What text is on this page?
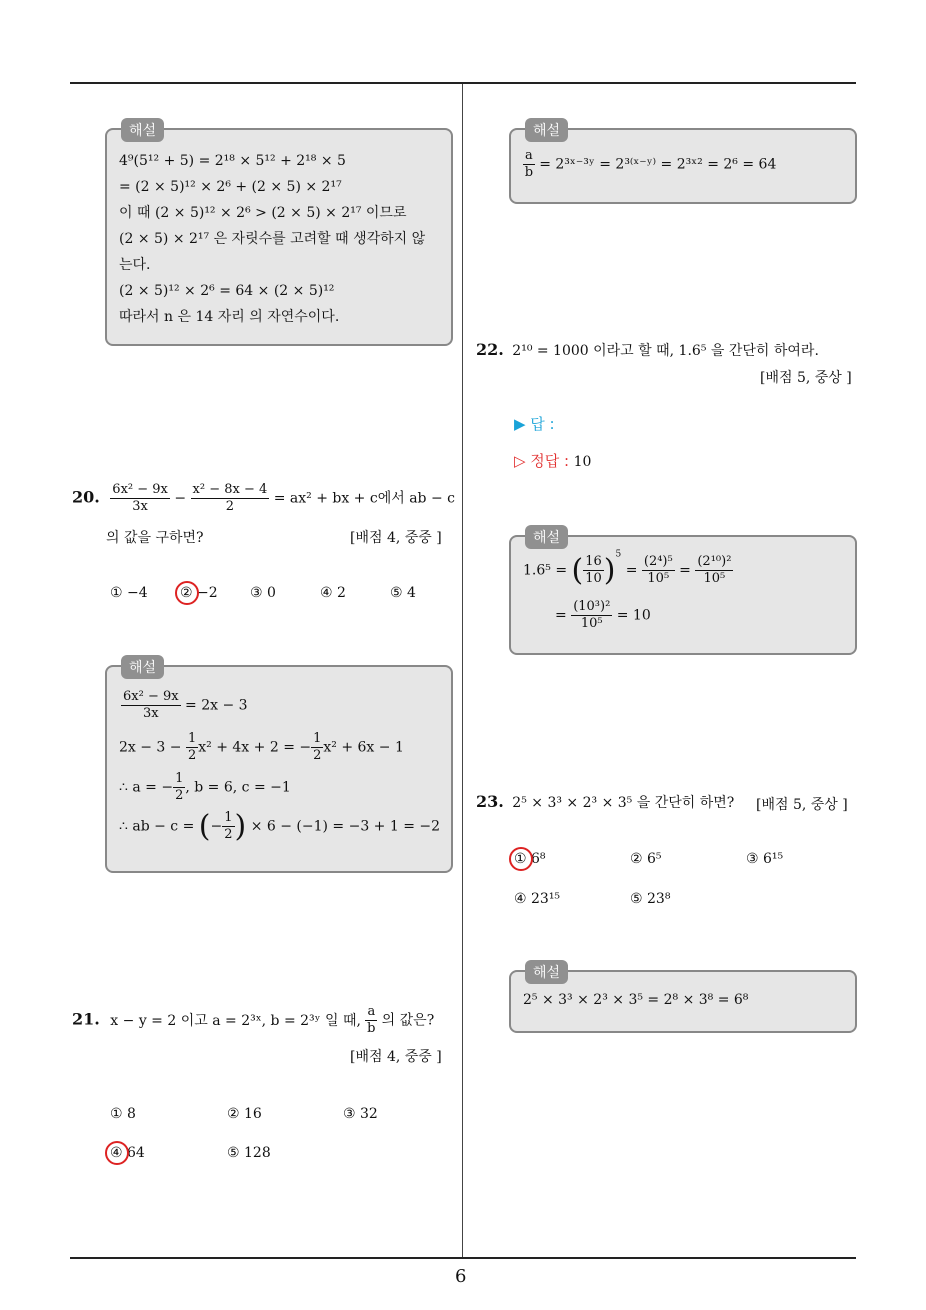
6
해설
4⁹(5¹² + 5) = 2¹⁸ × 5¹² + 2¹⁸ × 5
= (2 × 5)¹² × 2⁶ + (2 × 5) × 2¹⁷
이 때 (2 × 5)¹² × 2⁶ > (2 × 5) × 2¹⁷ 이므로
(2 × 5) × 2¹⁷ 은 자릿수를 고려할 때 생각하지 않
는다.
(2 × 5)¹² × 2⁶ = 64 × (2 × 5)¹²
따라서 n 은 14 자리 의 자연수이다.
20. $\frac{\text{6x² − 9x}}{3x} - \frac{\text{x² − 8x − 4}}{2} = ax^2$ + bx + c에서 ab − c
의 값을 구하면?	[배점 4, 중중 ]
① −4 ② −2 ③ 0	④ 2	⑤ 4
해설
$\frac{\text{6x² − 9x}}{3x} = 2x - 3$
$2x - 3 - \frac{1}{2} x^2 + 4x + 2$ = − $\frac{1}{2} x^2 + 6x - 1$
∴ a = − $\frac{1}{2}$ , b = 6, c = −1
∴ ab − c = (− $\frac{1}{2}$ ) × 6 − (−1) = −3 + 1 = −2
21. x − y = 2 이고 a = 2³ˣ, b = 2³ʸ 일 때, $\frac{a}{b}$ 의 값은?
[배점 4, 중중 ]
① 8	② 16	③ 32
④ 64	⑤ 128
해설
$\frac{a}{b}$ = 2³ˣ⁻³ʸ = 2³⁽ˣ⁻ʸ⁾ = 2³ˣ² = 2⁶ = 64
22. 2¹⁰ = 1000 이라고 할 때, 1.6⁵ 을 간단히 하여라.
[배점 5, 중상 ]
▶ 답 :
▷ 정답 : 10
해설
1.6⁵ = ( $\frac{16}{10} )^5 = \frac{\text{(2⁴)⁵}}{\text{10⁵}} = \frac{\text{(2¹⁰)²}}{\text{10⁵}}$
= $\frac{\text{(10³)²}}{\text{10⁵}} = 10$
23. 2⁵ × 3³ × 2³ × 3⁵ 을 간단히 하면? [배점 5, 중상 ]
① 6⁸	② 6⁵	③ 6¹⁵
④ 23¹⁵	⑤ 23⁸
해설
2⁵ × 3³ × 2³ × 3⁵ = 2⁸ × 3⁸ = 6⁸
